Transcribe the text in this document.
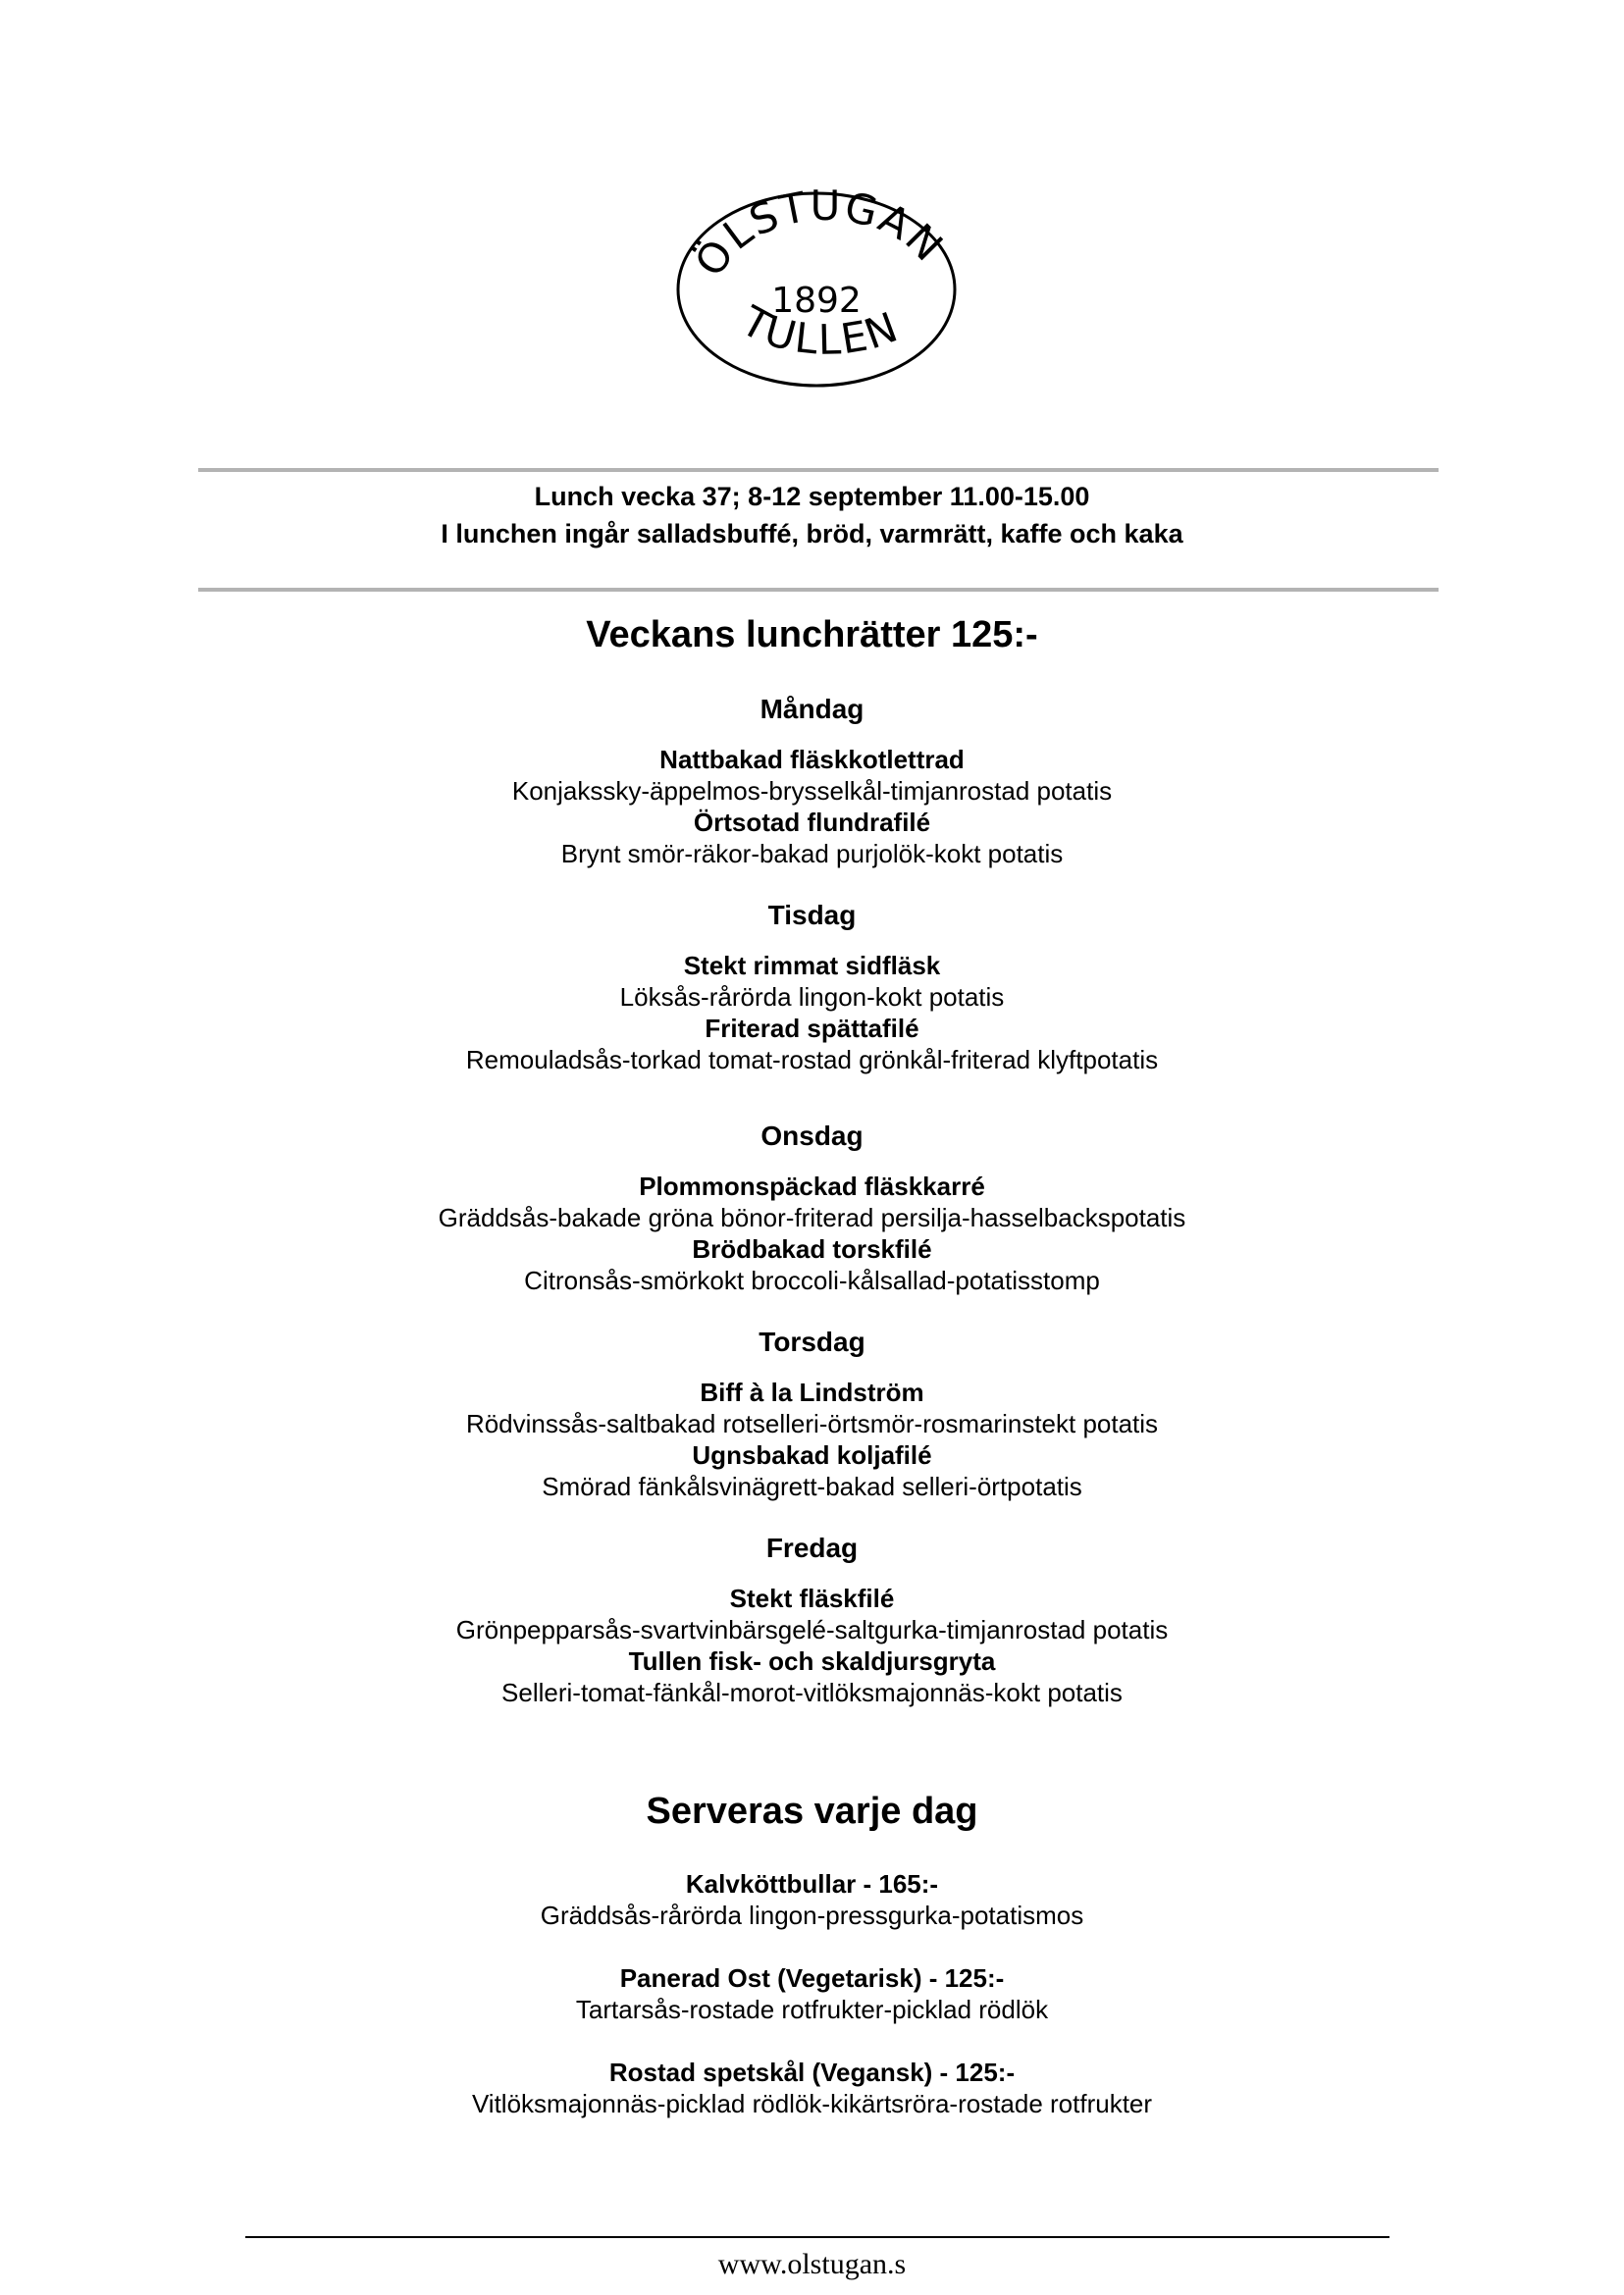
ÖLSTUGAN
1892
TULLEN
Lunch vecka 37; 8-12 september 11.00-15.00
I lunchen ingår salladsbuffé, bröd, varmrätt, kaffe och kaka
Veckans lunchrätter 125:-
Måndag
Nattbakad fläskkotlettrad
Konjakssky-äppelmos-brysselkål-timjanrostad potatis
Örtsotad flundrafilé
Brynt smör-räkor-bakad purjolök-kokt potatis
Tisdag
Stekt rimmat sidfläsk
Löksås-rårörda lingon-kokt potatis
Friterad spättafilé
Remouladsås-torkad tomat-rostad grönkål-friterad klyftpotatis
Onsdag
Plommonspäckad fläskkarré
Gräddsås-bakade gröna bönor-friterad persilja-hasselbackspotatis
Brödbakad torskfilé
Citronsås-smörkokt broccoli-kålsallad-potatisstomp
Torsdag
Biff à la Lindström
Rödvinssås-saltbakad rotselleri-örtsmör-rosmarinstekt potatis
Ugnsbakad koljafilé
Smörad fänkålsvinägrett-bakad selleri-örtpotatis
Fredag
Stekt fläskfilé
Grönpepparsås-svartvinbärsgelé-saltgurka-timjanrostad potatis
Tullen fisk- och skaldjursgryta
Selleri-tomat-fänkål-morot-vitlöksmajonnäs-kokt potatis
Serveras varje dag
Kalvköttbullar - 165:-
Gräddsås-rårörda lingon-pressgurka-potatismos
Panerad Ost (Vegetarisk) - 125:-
Tartarsås-rostade rotfrukter-picklad rödlök
Rostad spetskål (Vegansk) - 125:-
Vitlöksmajonnäs-picklad rödlök-kikärtsröra-rostade rotfrukter
www.olstugan.s
